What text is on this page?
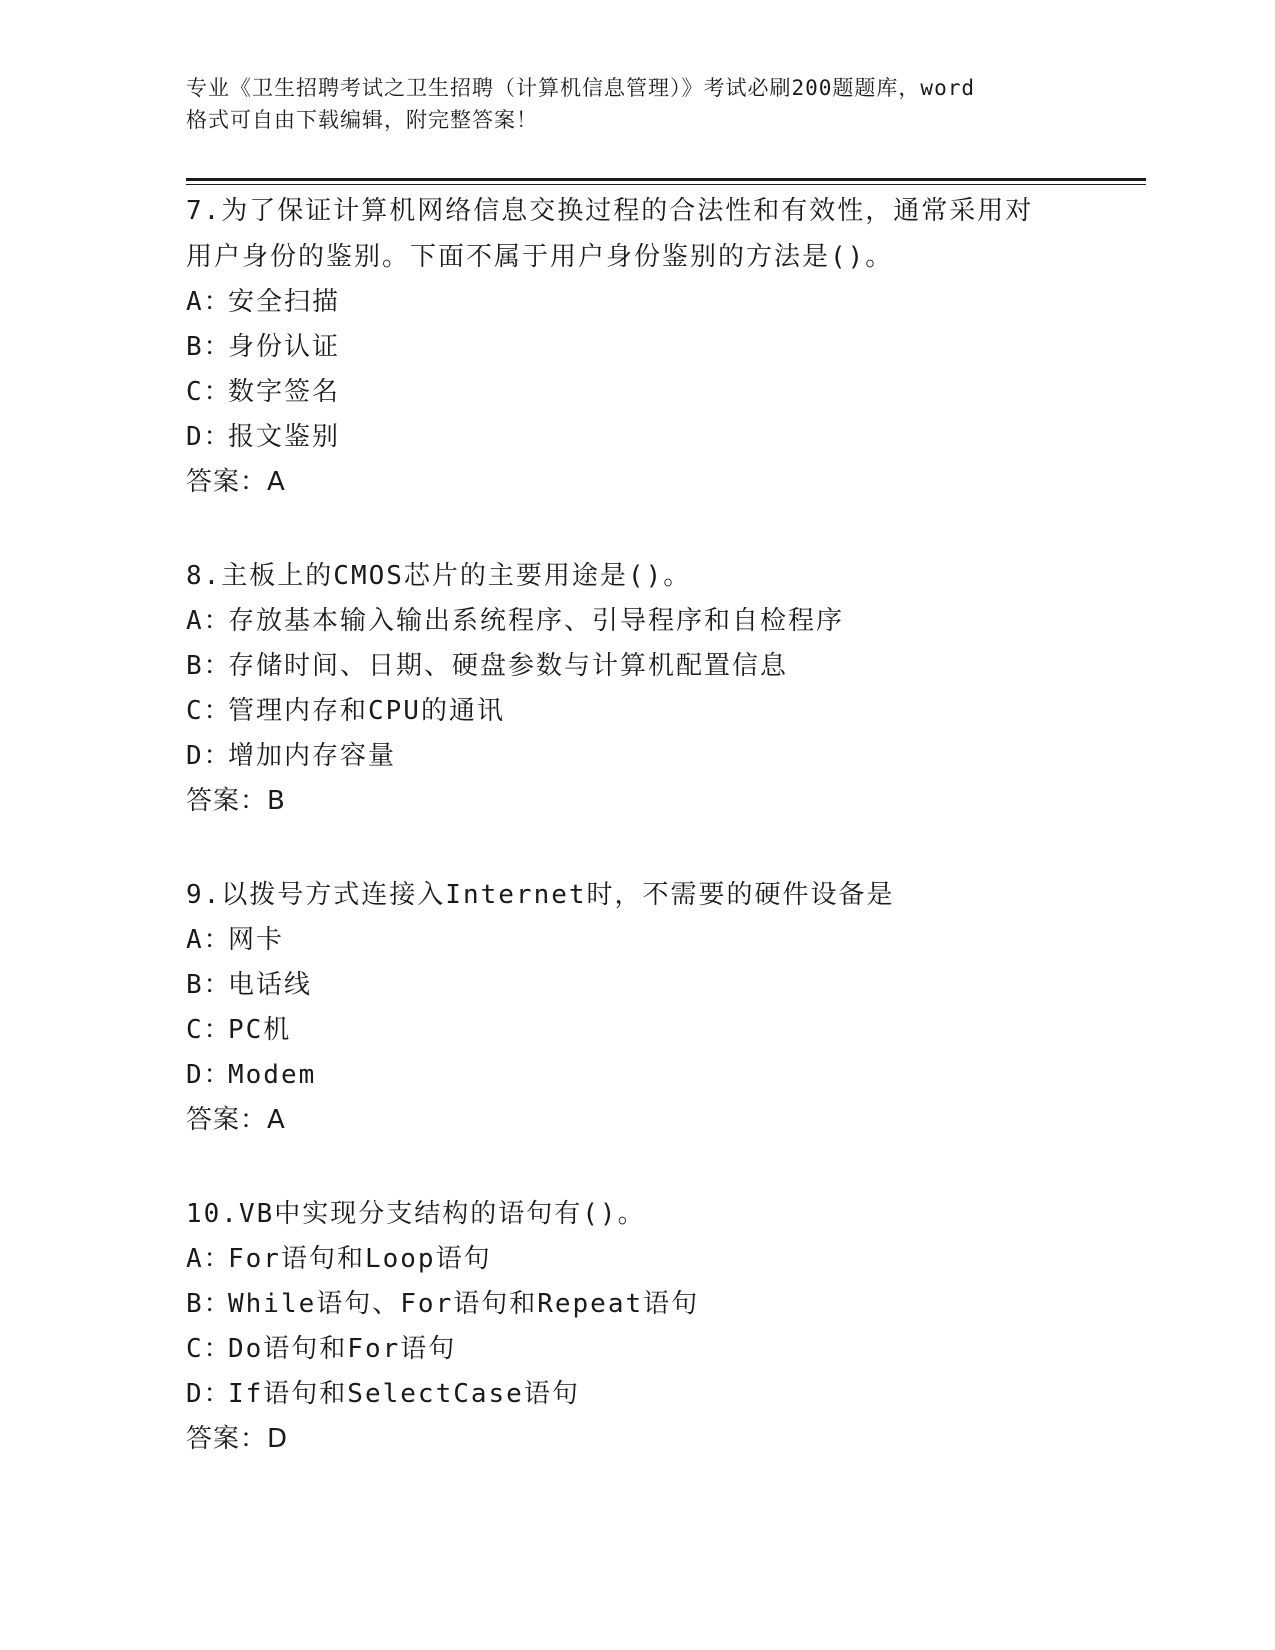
专业《卫生招聘考试之卫生招聘（计算机信息管理）》考试必刷200题题库，word
格式可自由下载编辑，附完整答案！
7.为了保证计算机网络信息交换过程的合法性和有效性，通常采用对
用户身份的鉴别。下面不属于用户身份鉴别的方法是()。
A：安全扫描
B：身份认证
C：数字签名
D：报文鉴别
答案：A
8.主板上的CMOS芯片的主要用途是()。
A：存放基本输入输出系统程序、引导程序和自检程序
B：存储时间、日期、硬盘参数与计算机配置信息
C：管理内存和CPU的通讯
D：增加内存容量
答案：B
9.以拨号方式连接入Internet时，不需要的硬件设备是
A：网卡
B：电话线
C：PC机
D：Modem
答案：A
10.VB中实现分支结构的语句有()。
A：For语句和Loop语句
B：While语句、For语句和Repeat语句
C：Do语句和For语句
D：If语句和SelectCase语句
答案：D
